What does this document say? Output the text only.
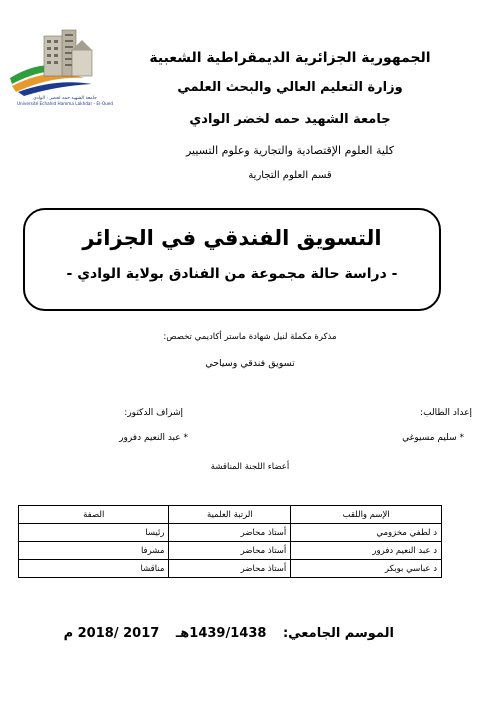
جامعة الشهيد حمه لخضر - الوادي
Université Echahid Hamma Lakhdar - El-Oued
الجمهورية الجزائرية الديمقراطية الشعبية
وزارة التعليم العالي والبحث العلمي
جامعة الشهيد حمه لخضر الوادي
كلية العلوم الإقتصادية والتجارية وعلوم التسيير
قسم العلوم التجارية
التسويق الفندقي في الجزائر
- دراسة حالة مجموعة من الفنادق بولاية الوادي -
مذكرة مكملة لنيل شهادة ماستر أكاديمي تخصص:
تسويق فندقي وسياحي
إعداد الطالب:
إشراف الدكتور:
* سليم مسيوغي
* عبد النعيم دفرور
أعضاء اللجنة المناقشة
الإسم واللقب	الرتبة العلمية	الصفة
د لطفي مخزومي	أستاذ محاضر	رئيسا
د عبد النعيم دفرور	أستاذ محاضر	مشرفا
د عباسي بوبكر	أستاذ محاضر	مناقشا
الموسم الجامعي: 1439/1438هـ 2017 /2018 م
